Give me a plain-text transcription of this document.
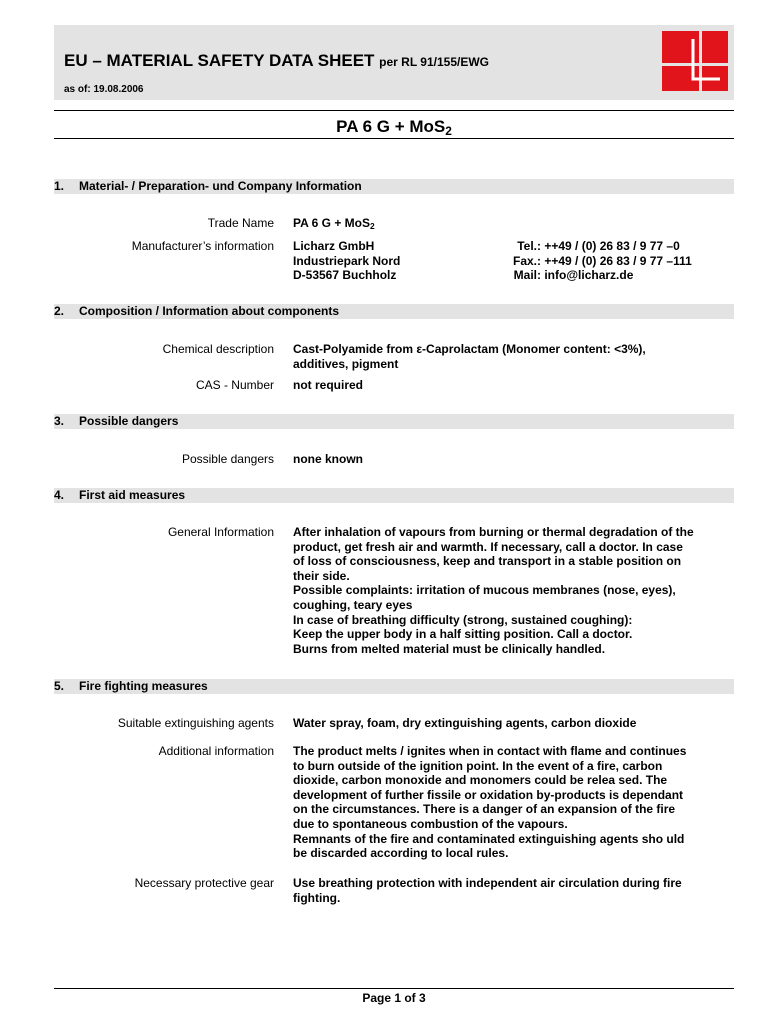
EU – MATERIAL SAFETY DATA SHEET per RL 91/155/EWG
as of: 19.08.2006
PA 6 G + MoS$_2$
1. Material- / Preparation- und Company Information
Trade Name PA 6 G + MoS$_2$
Manufacturer’s information Licharz GmbH
Industriepark Nord
D-53567 Buchholz
Tel.: ++49 / (0) 26 83 / 9 77 –0
Fax.: ++49 / (0) 26 83 / 9 77 –111
Mail: info@licharz.de
2. Composition / Information about components
Chemical description Cast-Polyamide from ε-Caprolactam (Monomer content: <3%),
additives, pigment
CAS - Number not required
3. Possible dangers
Possible dangers none known
4. First aid measures
General Information After inhalation of vapours from burning or thermal degradation of the
product, get fresh air and warmth. If necessary, call a doctor. In case
of loss of consciousness, keep and transport in a stable position on
their side.
Possible complaints: irritation of mucous membranes (nose, eyes),
coughing, teary eyes
In case of breathing difficulty (strong, sustained coughing):
Keep the upper body in a half sitting position. Call a doctor.
Burns from melted material must be clinically handled.
5. Fire fighting measures
Suitable extinguishing agents Water spray, foam, dry extinguishing agents, carbon dioxide
Additional information The product melts / ignites when in contact with flame and continues
to burn outside of the ignition point. In the event of a fire, carbon
dioxide, carbon monoxide and monomers could be relea sed. The
development of further fissile or oxidation by-products is dependant
on the circumstances. There is a danger of an expansion of the fire
due to spontaneous combustion of the vapours.
Remnants of the fire and contaminated extinguishing agents sho uld
be discarded according to local rules.
Necessary protective gear Use breathing protection with independent air circulation during fire
fighting.
Page 1 of 3
